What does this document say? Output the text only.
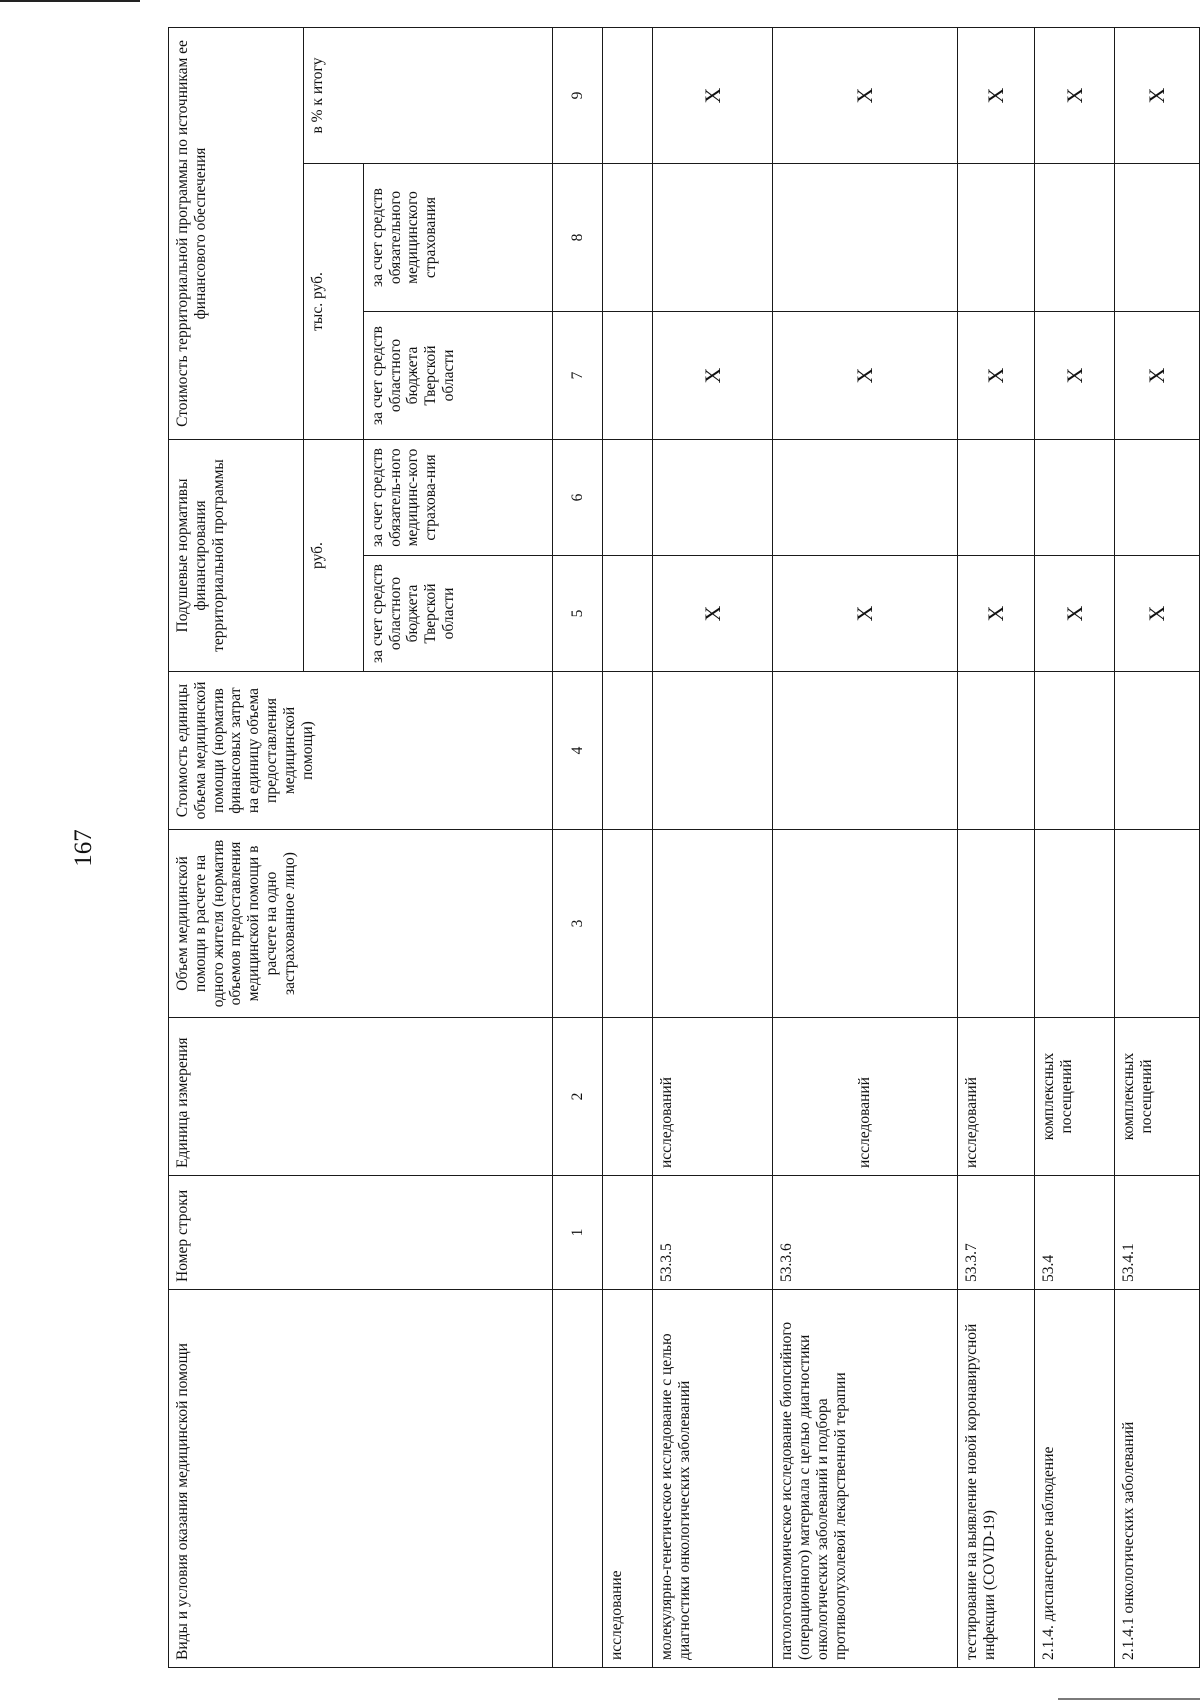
167
Виды и условия оказания медицинской помощи	Номер строки	Единица измерения	Объем медицинской помощи в расчете на одного жителя (норматив объемов предоставления медицинской помощи в расчете на одно застрахованное лицо)	Стоимость единицы объема медицинской помощи (норматив финансовых затрат на единицу объема предоставления медицинской помощи)	Подушевые нормативы финансирования территориальной программы		Стоимость территориальной программы по источникам ее финансового обеспечения		
					руб.		тыс. руб.		в % к итогу
					за счет средств областного бюджета Тверской области	за счет средств обязатель-ного медицинс-кого страхова-ния	за счет средств областного бюджета Тверской области	за счет средств обязательного медицинского страхования	
	1	2	3	4	5	6	7	8	9
исследование									
молекулярно-генетическое исследование с целью диагностики онкологических заболеваний	53.3.5	исследований			X		X		X
патологоанатомическое исследование биопсийного (операционного) материала с целью диагностики онкологических заболеваний и подбора противоопухолевой лекарственной терапии	53.3.6	исследований			X		X		X
тестирование на выявление новой коронавирусной инфекции (COVID-19)	53.3.7	исследований			X		X		X
2.1.4. диспансерное наблюдение	53.4	комплексных посещений			X		X		X
2.1.4.1 онкологических заболеваний	53.4.1	комплексных посещений			X		X		X
